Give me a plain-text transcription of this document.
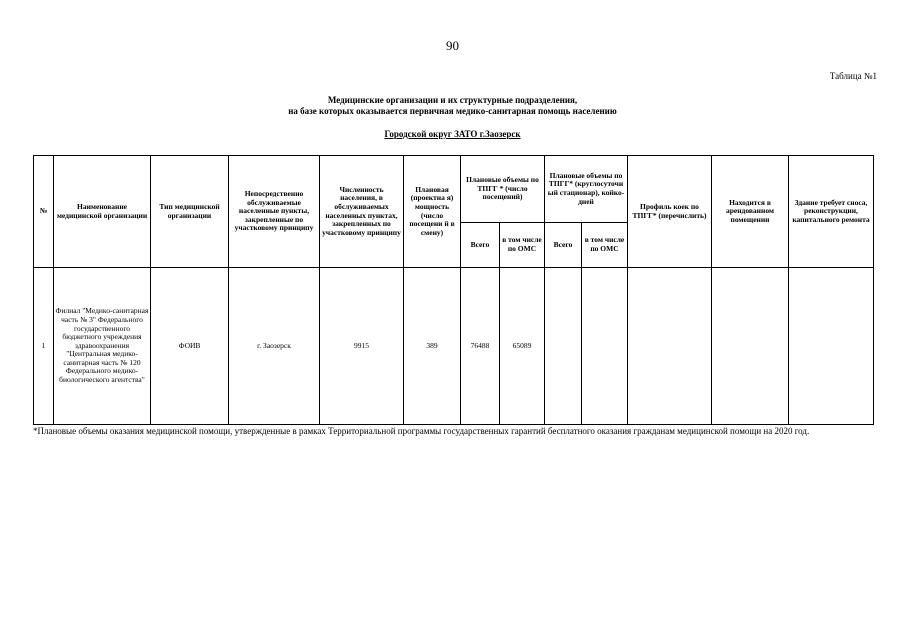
90
Таблица №1
Медицинские организации и их структурные подразделения,
на базе которых оказывается первичная медико-санитарная помощь населению
Городской округ ЗАТО г.Заозерск
№	Наименование медицинской организации	Тип медицинской организации	Непосредственно обслуживаемые населенные пункты, закрепленные по участковому принципу	Численность населения, в обслуживаемых населенных пунктах, закрепленных по участковому принципу	Плановая (проектна я) мощность (число посещени й в смену)	Плановые объемы по ТПГГ * (число посещений)		Плановые объемы по ТПГГ* (круглосуточн ый стационар), койко-дней		Профиль коек по ТПГГ* (перечислить)	Находится в арендованном помещении	Здание требует сноса, реконструкции, капитального ремонта
						Всего	в том числе по ОМС	Всего	в том числе по ОМС			
1	Филиал "Медико-санитарная часть № 3" Федерального государственного бюджетного учреждения здравоохранения "Центральная медико-санитарная часть № 120 Федерального медико-биологического агентства"	ФОИВ	г. Заозерск	9915	389	76488	65089					
*Плановые объемы оказания медицинской помощи, утвержденные в рамках Территориальной программы государственных гарантий бесплатного оказания гражданам медицинской помощи на 2020 год.
